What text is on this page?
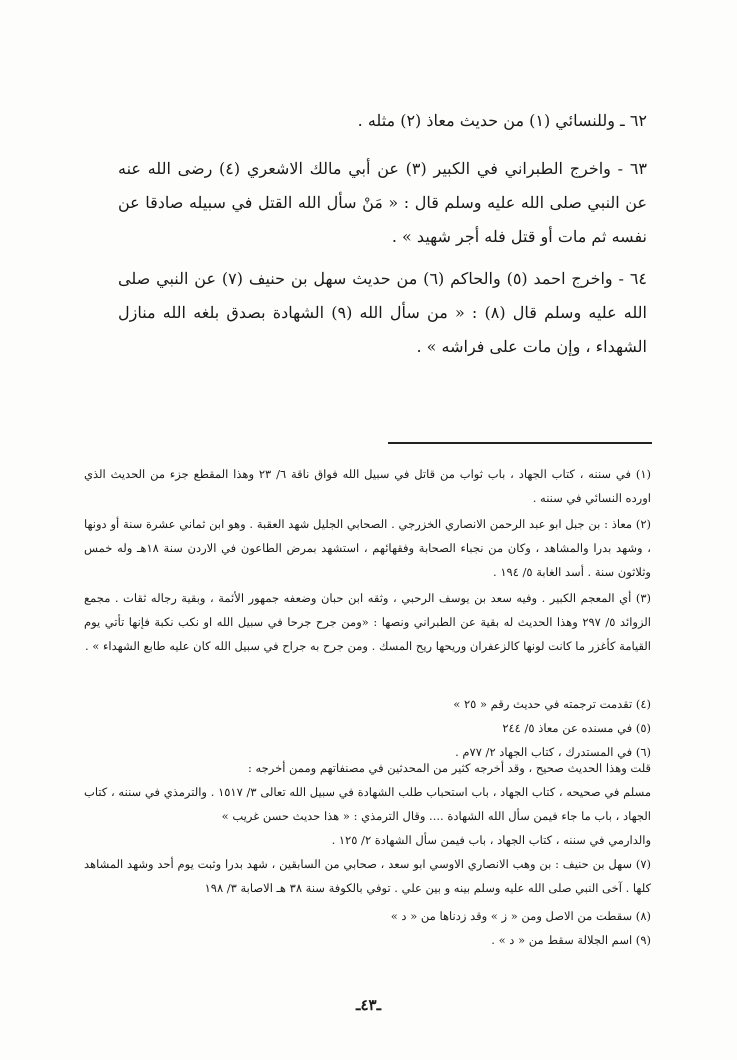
٦٢ ـ وللنسائي (١) من حديث معاذ (٢) مثله .

٦٣ - واخرج الطبراني في الكبير (٣) عن أبي مالك الاشعري (٤) رضى الله عنه عن النبي صلى الله عليه وسلم قال : « مَنْ سأل الله القتل في سبيله صادقا عن نفسه ثم مات أو قتل فله أجر شهيد » .

٦٤ - واخرج احمد (٥) والحاكم (٦) من حديث سهل بن حنيف (٧) عن النبي صلى الله عليه وسلم قال (٨) : « من سأل الله (٩) الشهادة بصدق بلغه الله منازل الشهداء ، وإن مات على فراشه » .

(١) في سننه ، كتاب الجهاد ، باب ثواب من قاتل في سبيل الله فواق ناقة ٦/ ٢٣ وهذا المقطع جزء من الحديث الذي اورده النسائي في سننه .

(٢) معاذ : بن جبل ابو عبد الرحمن الانصاري الخزرجي . الصحابي الجليل شهد العقبة . وهو ابن ثماني عشرة سنة أو دونها ، وشهد بدرا والمشاهد ، وكان من نجباء الصحابة وفقهائهم ، استشهد بمرض الطاعون في الاردن سنة ١٨هـ وله خمس وثلاثون سنة . أسد الغابة ٥/ ١٩٤ .

(٣) أي المعجم الكبير . وفيه سعد بن يوسف الرحبي ، وثقه ابن حبان وضعفه جمهور الأئمة ، وبقية رجاله ثقات . مجمع الزوائد ٥/ ٢٩٧ وهذا الحديث له بقية عن الطبراني ونصها : «ومن جرح جرحا في سبيل الله او نكب نكبة فإنها تأتي يوم القيامة كأغزر ما كانت لونها كالزعفران وريحها ريح المسك . ومن جرح به جراح في سبيل الله كان عليه طابع الشهداء » .

(٤) تقدمت ترجمته في حديث رقم « ٢٥ »

(٥) في مسنده عن معاذ ٥/ ٢٤٤

(٦) في المستدرك ، كتاب الجهاد ٢/ ٧٧م .

قلت وهذا الحديث صحيح ، وقد أخرجه كثير من المحدثين في مصنفاتهم وممن أخرجه :

مسلم في صحيحه ، كتاب الجهاد ، باب استحباب طلب الشهادة في سبيل الله تعالى ٣/ ١٥١٧ . والترمذي في سننه ، كتاب الجهاد ، باب ما جاء فيمن سأل الله الشهادة .... وقال الترمذي : « هذا حديث حسن غريب »

والدارمي في سننه ، كتاب الجهاد ، باب فيمن سأل الشهادة ٢/ ١٢٥ .

(٧) سهل بن حنيف : بن وهب الانصاري الاوسي ابو سعد ، صحابي من السابقين ، شهد بدرا وثبت يوم أحد وشهد المشاهد كلها . آخى النبي صلى الله عليه وسلم بينه و بين علي . توفي بالكوفة سنة ٣٨ هـ الاصابة ٣/ ١٩٨

(٨) سقطت من الاصل ومن « ز » وقد زدناها من « د »

(٩) اسم الجلالة سقط من « د » .

ـ٤٣ـ
